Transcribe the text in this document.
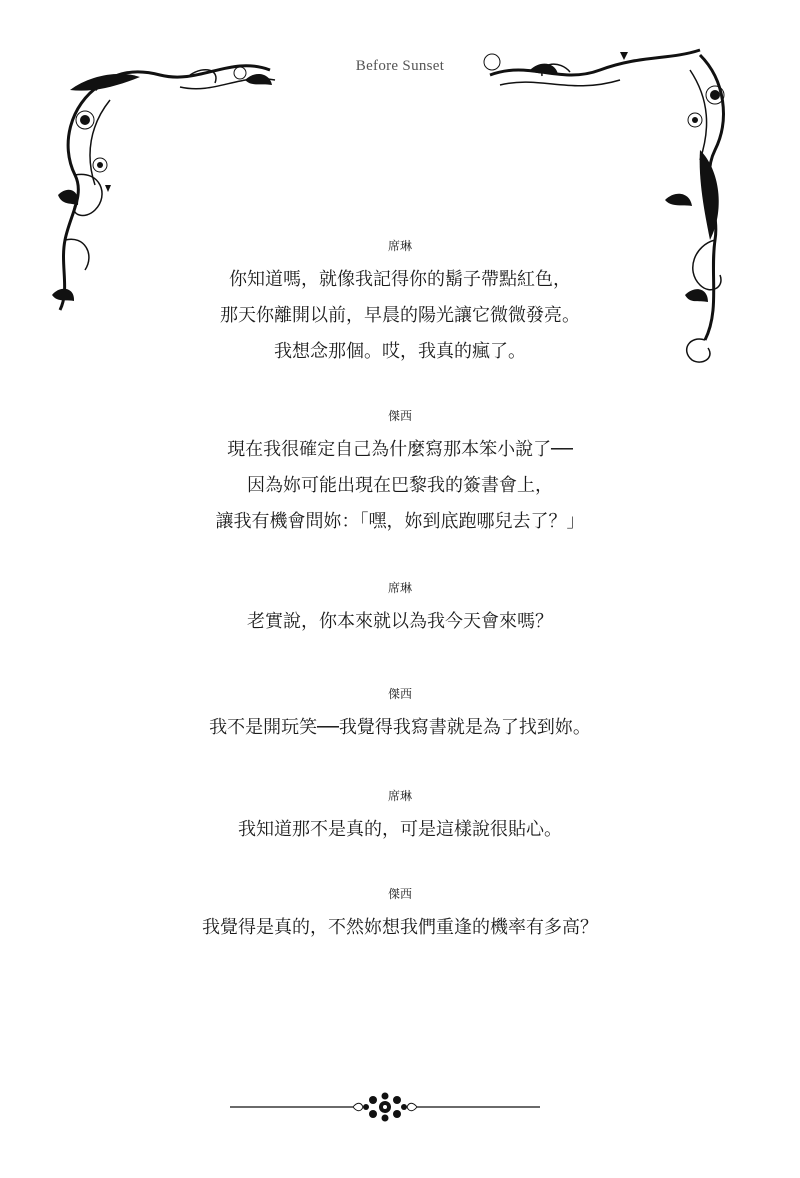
Before Sunset
席琳
你知道嗎，就像我記得你的鬍子帶點紅色，
那天你離開以前，早晨的陽光讓它微微發亮。
我想念那個。哎，我真的瘋了。
傑西
現在我很確定自己為什麼寫那本笨小說了──
因為妳可能出現在巴黎我的簽書會上，
讓我有機會問妳：「嘿，妳到底跑哪兒去了？」
席琳
老實說，你本來就以為我今天會來嗎？
傑西
我不是開玩笑──我覺得我寫書就是為了找到妳。
席琳
我知道那不是真的，可是這樣說很貼心。
傑西
我覺得是真的，不然妳想我們重逢的機率有多高？
